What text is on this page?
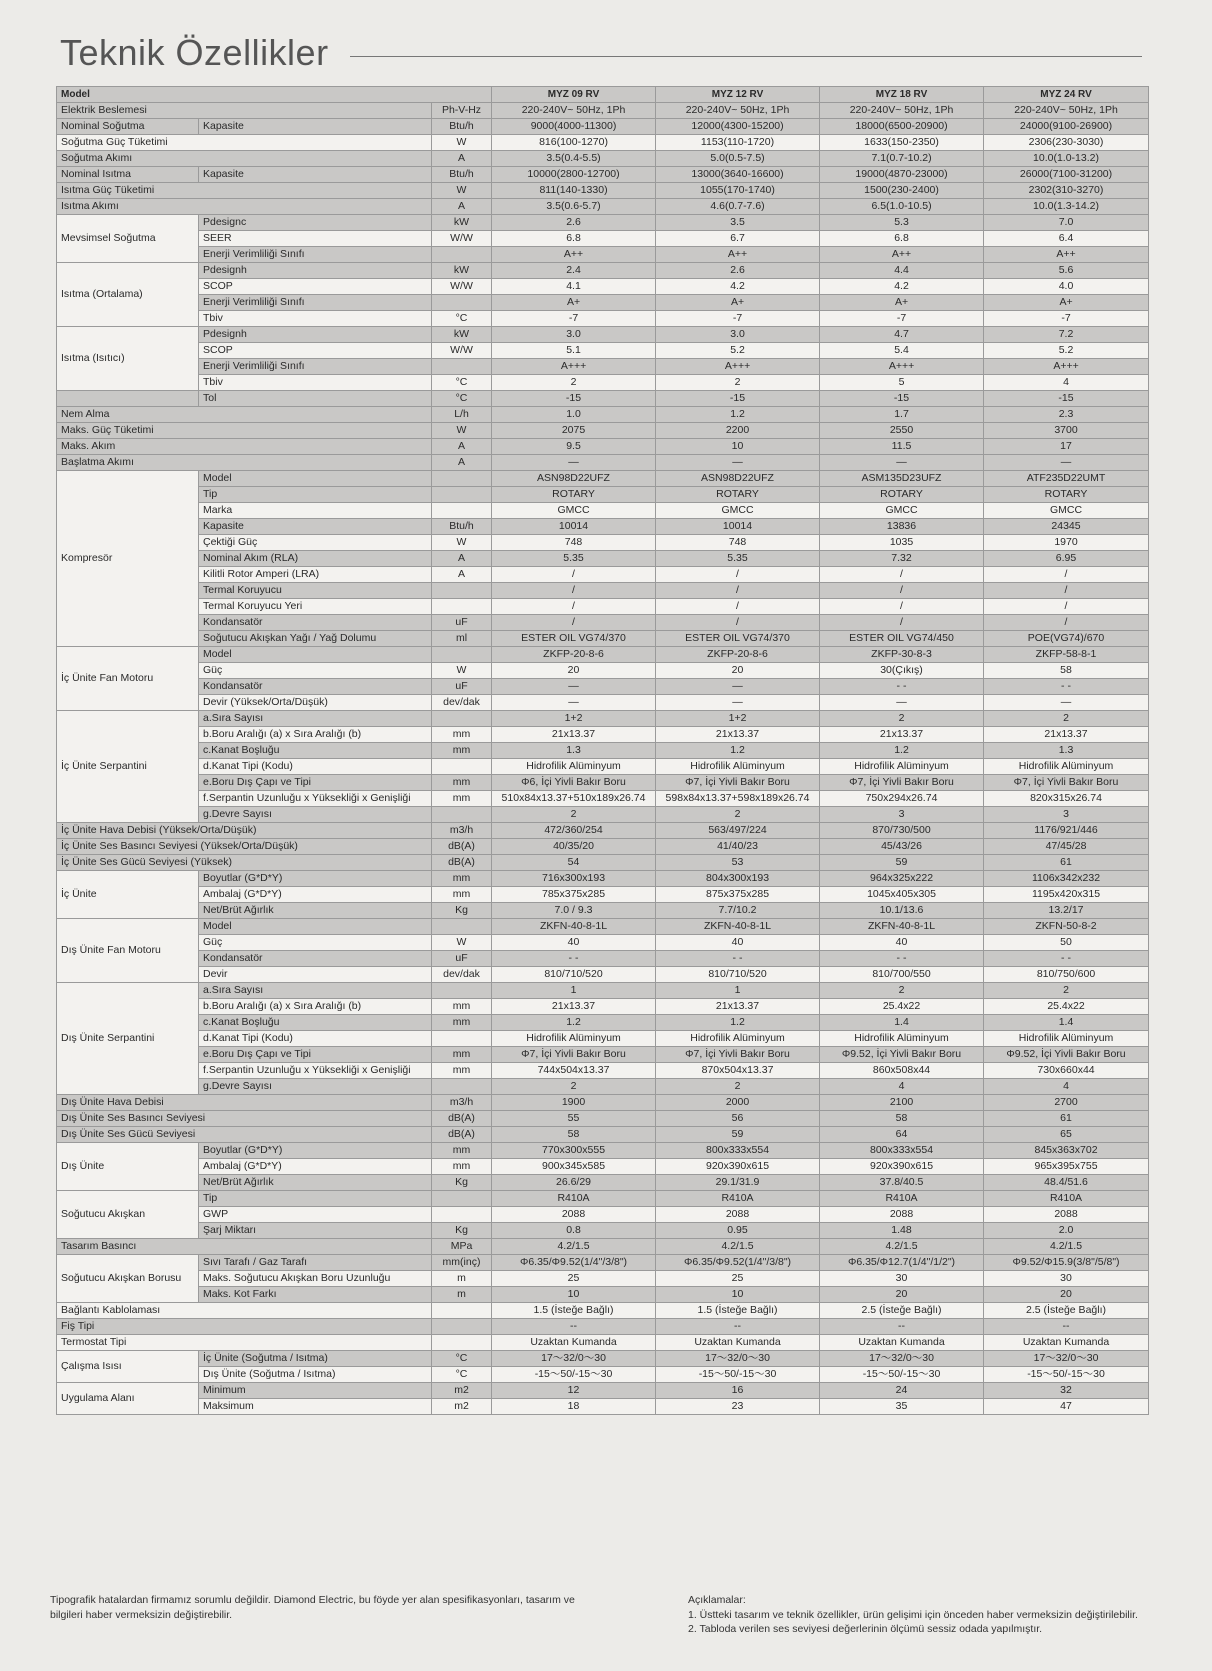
Teknik Özellikler
Model			MYZ 09 RV	MYZ 12 RV	MYZ 18 RV	MYZ 24 RV
Elektrik Beslemesi		Ph-V-Hz	220-240V~ 50Hz, 1Ph	220-240V~ 50Hz, 1Ph	220-240V~ 50Hz, 1Ph	220-240V~ 50Hz, 1Ph
Nominal Soğutma	Kapasite	Btu/h	9000(4000-11300)	12000(4300-15200)	18000(6500-20900)	24000(9100-26900)
Soğutma Güç Tüketimi		W	816(100-1270)	1153(110-1720)	1633(150-2350)	2306(230-3030)
Soğutma Akımı		A	3.5(0.4-5.5)	5.0(0.5-7.5)	7.1(0.7-10.2)	10.0(1.0-13.2)
Nominal Isıtma	Kapasite	Btu/h	10000(2800-12700)	13000(3640-16600)	19000(4870-23000)	26000(7100-31200)
Isıtma Güç Tüketimi		W	811(140-1330)	1055(170-1740)	1500(230-2400)	2302(310-3270)
Isıtma Akımı		A	3.5(0.6-5.7)	4.6(0.7-7.6)	6.5(1.0-10.5)	10.0(1.3-14.2)
Mevsimsel Soğutma	Pdesignc	kW	2.6	3.5	5.3	7.0
	SEER	W/W	6.8	6.7	6.8	6.4
	Enerji Verimliliği Sınıfı		A++	A++	A++	A++
Isıtma (Ortalama)	Pdesignh	kW	2.4	2.6	4.4	5.6
	SCOP	W/W	4.1	4.2	4.2	4.0
	Enerji Verimliliği Sınıfı		A+	A+	A+	A+
	Tbiv	°C	-7	-7	-7	-7
Isıtma (Isıtıcı)	Pdesignh	kW	3.0	3.0	4.7	7.2
	SCOP	W/W	5.1	5.2	5.4	5.2
	Enerji Verimliliği Sınıfı		A+++	A+++	A+++	A+++
	Tbiv	°C	2	2	5	4
	Tol	°C	-15	-15	-15	-15
Nem Alma		L/h	1.0	1.2	1.7	2.3
Maks. Güç Tüketimi		W	2075	2200	2550	3700
Maks. Akım		A	9.5	10	11.5	17
Başlatma Akımı		A	—	—	—	—
Kompresör	Model		ASN98D22UFZ	ASN98D22UFZ	ASM135D23UFZ	ATF235D22UMT
	Tip		ROTARY	ROTARY	ROTARY	ROTARY
	Marka		GMCC	GMCC	GMCC	GMCC
	Kapasite	Btu/h	10014	10014	13836	24345
	Çektiği Güç	W	748	748	1035	1970
	Nominal Akım (RLA)	A	5.35	5.35	7.32	6.95
	Kilitli Rotor Amperi (LRA)	A	/	/	/	/
	Termal Koruyucu		/	/	/	/
	Termal Koruyucu Yeri		/	/	/	/
	Kondansatör	uF	/	/	/	/
	Soğutucu Akışkan Yağı / Yağ Dolumu	ml	ESTER OIL VG74/370	ESTER OIL VG74/370	ESTER OIL VG74/450	POE(VG74)/670
İç Ünite Fan Motoru	Model		ZKFP-20-8-6	ZKFP-20-8-6	ZKFP-30-8-3	ZKFP-58-8-1
	Güç	W	20	20	30(Çıkış)	58
	Kondansatör	uF	—	—	- -	- -
	Devir (Yüksek/Orta/Düşük)	dev/dak	—	—	—	—
İç Ünite Serpantini	a.Sıra Sayısı		1+2	1+2	2	2
	b.Boru Aralığı (a) x Sıra Aralığı (b)	mm	21x13.37	21x13.37	21x13.37	21x13.37
	c.Kanat Boşluğu	mm	1.3	1.2	1.2	1.3
	d.Kanat Tipi (Kodu)		Hidrofilik Alüminyum	Hidrofilik Alüminyum	Hidrofilik Alüminyum	Hidrofilik Alüminyum
	e.Boru Dış Çapı ve Tipi	mm	Φ6, İçi Yivli Bakır Boru	Φ7, İçi Yivli Bakır Boru	Φ7, İçi Yivli Bakır Boru	Φ7, İçi Yivli Bakır Boru
	f.Serpantin Uzunluğu x Yüksekliği x Genişliği	mm	510x84x13.37+510x189x26.74	598x84x13.37+598x189x26.74	750x294x26.74	820x315x26.74
	g.Devre Sayısı		2	2	3	3
İç Ünite Hava Debisi (Yüksek/Orta/Düşük)		m3/h	472/360/254	563/497/224	870/730/500	1176/921/446
İç Ünite Ses Basıncı Seviyesi (Yüksek/Orta/Düşük)		dB(A)	40/35/20	41/40/23	45/43/26	47/45/28
İç Ünite Ses Gücü Seviyesi (Yüksek)		dB(A)	54	53	59	61
İç Ünite	Boyutlar (G*D*Y)	mm	716x300x193	804x300x193	964x325x222	1106x342x232
	Ambalaj (G*D*Y)	mm	785x375x285	875x375x285	1045x405x305	1195x420x315
	Net/Brüt Ağırlık	Kg	7.0 / 9.3	7.7/10.2	10.1/13.6	13.2/17
Dış Ünite Fan Motoru	Model		ZKFN-40-8-1L	ZKFN-40-8-1L	ZKFN-40-8-1L	ZKFN-50-8-2
	Güç	W	40	40	40	50
	Kondansatör	uF	- -	- -	- -	- -
	Devir	dev/dak	810/710/520	810/710/520	810/700/550	810/750/600
Dış Ünite Serpantini	a.Sıra Sayısı		1	1	2	2
	b.Boru Aralığı (a) x Sıra Aralığı (b)	mm	21x13.37	21x13.37	25.4x22	25.4x22
	c.Kanat Boşluğu	mm	1.2	1.2	1.4	1.4
	d.Kanat Tipi (Kodu)		Hidrofilik Alüminyum	Hidrofilik Alüminyum	Hidrofilik Alüminyum	Hidrofilik Alüminyum
	e.Boru Dış Çapı ve Tipi	mm	Φ7, İçi Yivli Bakır Boru	Φ7, İçi Yivli Bakır Boru	Φ9.52, İçi Yivli Bakır Boru	Φ9.52, İçi Yivli Bakır Boru
	f.Serpantin Uzunluğu x Yüksekliği x Genişliği	mm	744x504x13.37	870x504x13.37	860x508x44	730x660x44
	g.Devre Sayısı		2	2	4	4
Dış Ünite Hava Debisi		m3/h	1900	2000	2100	2700
Dış Ünite Ses Basıncı Seviyesi		dB(A)	55	56	58	61
Dış Ünite Ses Gücü Seviyesi		dB(A)	58	59	64	65
Dış Ünite	Boyutlar (G*D*Y)	mm	770x300x555	800x333x554	800x333x554	845x363x702
	Ambalaj (G*D*Y)	mm	900x345x585	920x390x615	920x390x615	965x395x755
	Net/Brüt Ağırlık	Kg	26.6/29	29.1/31.9	37.8/40.5	48.4/51.6
Soğutucu Akışkan	Tip		R410A	R410A	R410A	R410A
	GWP		2088	2088	2088	2088
	Şarj Miktarı	Kg	0.8	0.95	1.48	2.0
Tasarım Basıncı		MPa	4.2/1.5	4.2/1.5	4.2/1.5	4.2/1.5
Soğutucu Akışkan Borusu	Sıvı Tarafı / Gaz Tarafı	mm(inç)	Φ6.35/Φ9.52(1/4"/3/8")	Φ6.35/Φ9.52(1/4"/3/8")	Φ6.35/Φ12.7(1/4"/1/2")	Φ9.52/Φ15.9(3/8"/5/8")
	Maks. Soğutucu Akışkan Boru Uzunluğu	m	25	25	30	30
	Maks. Kot Farkı	m	10	10	20	20
Bağlantı Kablolaması			1.5 (İsteğe Bağlı)	1.5 (İsteğe Bağlı)	2.5 (İsteğe Bağlı)	2.5 (İsteğe Bağlı)
Fiş Tipi			--	--	--	--
Termostat Tipi			Uzaktan Kumanda	Uzaktan Kumanda	Uzaktan Kumanda	Uzaktan Kumanda
Çalışma Isısı	İç Ünite (Soğutma / Isıtma)	°C	17～32/0～30	17～32/0～30	17～32/0～30	17～32/0～30
	Dış Ünite (Soğutma / Isıtma)	°C	-15～50/-15～30	-15～50/-15～30	-15～50/-15～30	-15～50/-15～30
Uygulama Alanı	Minimum	m2	12	16	24	32
	Maksimum	m2	18	23	35	47
Tipografik hatalardan firmamız sorumlu değildir. Diamond Electric, bu föyde yer alan spesifikasyonları, tasarım ve bilgileri haber vermeksizin değiştirebilir.
Açıklamalar:
1. Üstteki tasarım ve teknik özellikler, ürün gelişimi için önceden haber vermeksizin değiştirilebilir.
2. Tabloda verilen ses seviyesi değerlerinin ölçümü sessiz odada yapılmıştır.
